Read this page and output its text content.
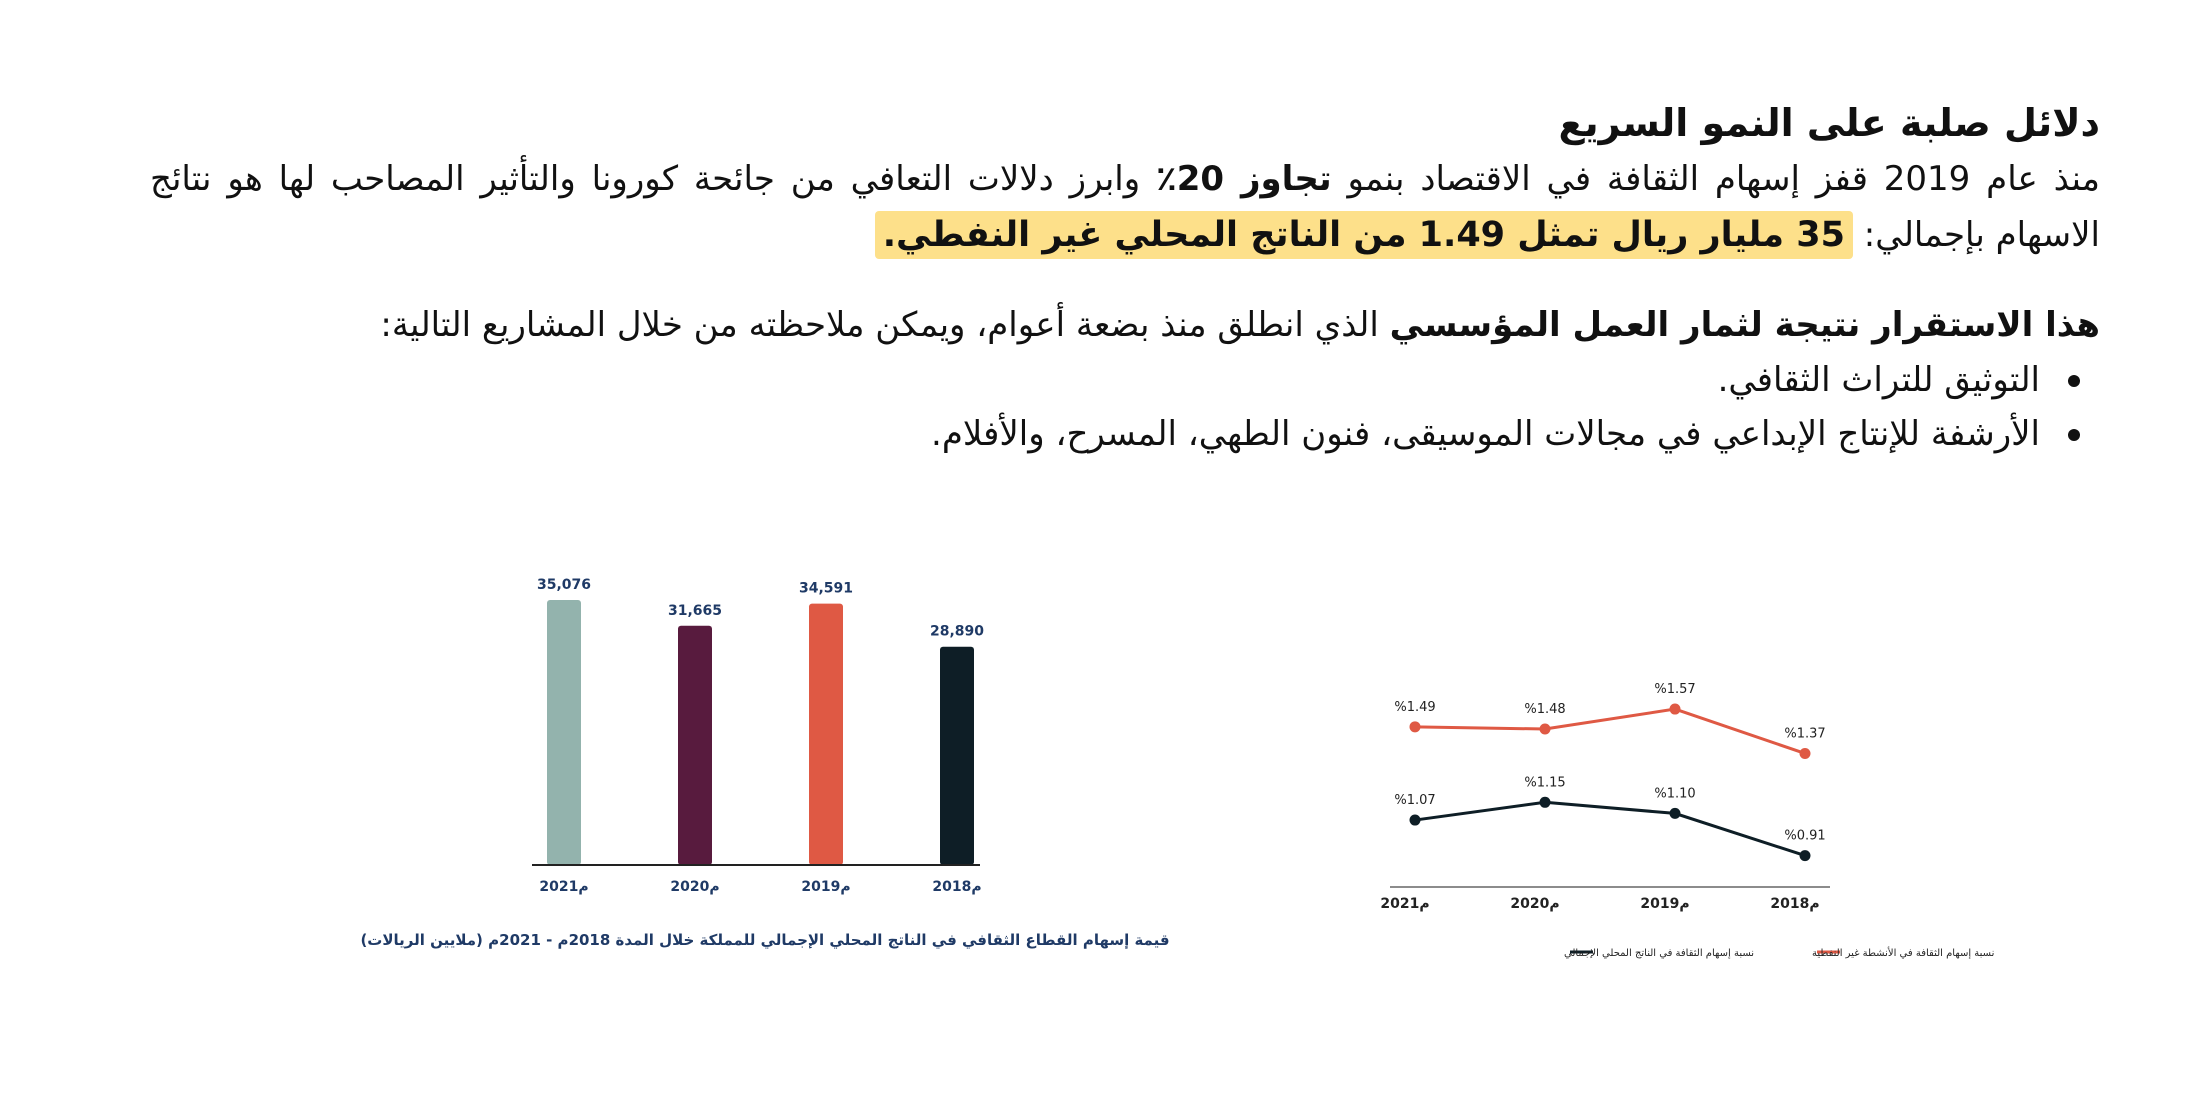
دلائل صلبة على النمو السريع
منذ عام 2019 قفز إسهام الثقافة في الاقتصاد بنمو تجاوز 20٪ وابرز دلالات التعافي من جائحة كورونا والتأثير المصاحب لها هو نتائج الاسهام بإجمالي: 35 مليار ريال تمثل 1.49 من الناتج المحلي غير النفطي.
هذا الاستقرار نتيجة لثمار العمل المؤسسي الذي انطلق منذ بضعة أعوام، ويمكن ملاحظته من خلال المشاريع التالية:
التوثيق للتراث الثقافي.
الأرشفة للإنتاج الإبداعي في مجالات الموسيقى، فنون الطهي، المسرح، والأفلام.
35,076
2021م
31,665
2020م
34,591
2019م
28,890
2018م
قيمة إسهام القطاع الثقافي في الناتج المحلي الإجمالي للمملكة خلال المدة 2018م - 2021م (ملايين الريالات)
%1.49	%1.48
%1.57
%1.37
%1.07
%1.15
%1.10
%0.91
2021م	2020م	2019م	2018م
نسبة إسهام الثقافة في الأنشطة غير النفطية
نسبة إسهام الثقافة في الناتج المحلي الإجمالي
